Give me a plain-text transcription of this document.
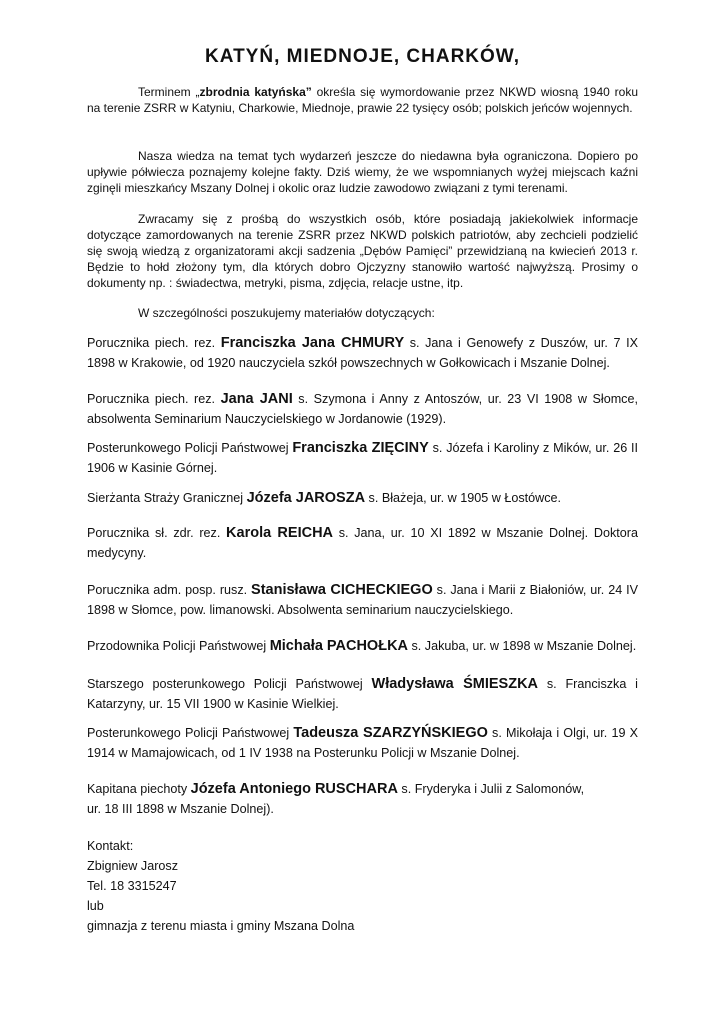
KATYŃ, MIEDNOJE, CHARKÓW,

Terminem „zbrodnia katyńska” określa się wymordowanie przez NKWD wiosną 1940 roku na terenie ZSRR w Katyniu, Charkowie, Miednoje, prawie 22 tysięcy osób; polskich jeńców wojennych.

Nasza wiedza na temat tych wydarzeń jeszcze do niedawna była ograniczona. Dopiero po upływie półwiecza poznajemy kolejne fakty. Dziś wiemy, że we wspomnianych wyżej miejscach kaźni zginęli mieszkańcy Mszany Dolnej i okolic oraz ludzie zawodowo związani z tymi terenami.

Zwracamy się z prośbą do wszystkich osób, które posiadają jakiekolwiek informacje dotyczące zamordowanych na terenie ZSRR przez NKWD polskich patriotów, aby zechcieli podzielić się swoją wiedzą z organizatorami akcji sadzenia „Dębów Pamięci” przewidzianą na kwiecień 2013 r. Będzie to hołd złożony tym, dla których dobro Ojczyzny stanowiło wartość najwyższą. Prosimy o dokumenty np. : świadectwa, metryki, pisma, zdjęcia, relacje ustne, itp.

W szczególności poszukujemy materiałów dotyczących:

Porucznika piech. rez. Franciszka Jana CHMURY s. Jana i Genowefy z Duszów, ur. 7 IX 1898 w Krakowie, od 1920 nauczyciela szkół powszechnych w Gołkowicach i Mszanie Dolnej.

Porucznika piech. rez. Jana JANI s. Szymona i Anny z Antoszów, ur. 23 VI 1908 w Słomce, absolwenta Seminarium Nauczycielskiego w Jordanowie (1929).

Posterunkowego Policji Państwowej Franciszka ZIĘCINY s. Józefa i Karoliny z Mików, ur. 26 II 1906 w Kasinie Górnej.

Sierżanta Straży Granicznej Józefa JAROSZA s. Błażeja, ur. w 1905 w Łostówce.

Porucznika sł. zdr. rez. Karola REICHA s. Jana, ur. 10 XI 1892 w Mszanie Dolnej. Doktora medycyny.

Porucznika adm. posp. rusz. Stanisława CICHECKIEGO s. Jana i Marii z Białoniów, ur. 24 IV 1898 w Słomce, pow. limanowski. Absolwenta seminarium nauczycielskiego.

Przodownika Policji Państwowej Michała PACHOŁKA s. Jakuba, ur. w 1898 w Mszanie Dolnej.

Starszego posterunkowego Policji Państwowej Władysława ŚMIESZKA s. Franciszka i Katarzyny, ur. 15 VII 1900 w Kasinie Wielkiej.

Posterunkowego Policji Państwowej Tadeusza SZARZYŃSKIEGO s. Mikołaja i Olgi, ur. 19 X 1914 w Mamajowicach, od 1 IV 1938 na Posterunku Policji w Mszanie Dolnej.

Kapitana piechoty Józefa Antoniego RUSCHARA s. Fryderyka i Julii z Salomonów,
ur. 18 III 1898 w Mszanie Dolnej).

Kontakt:
Zbigniew Jarosz
Tel. 18 3315247
lub
gimnazja z terenu miasta i gminy Mszana Dolna
